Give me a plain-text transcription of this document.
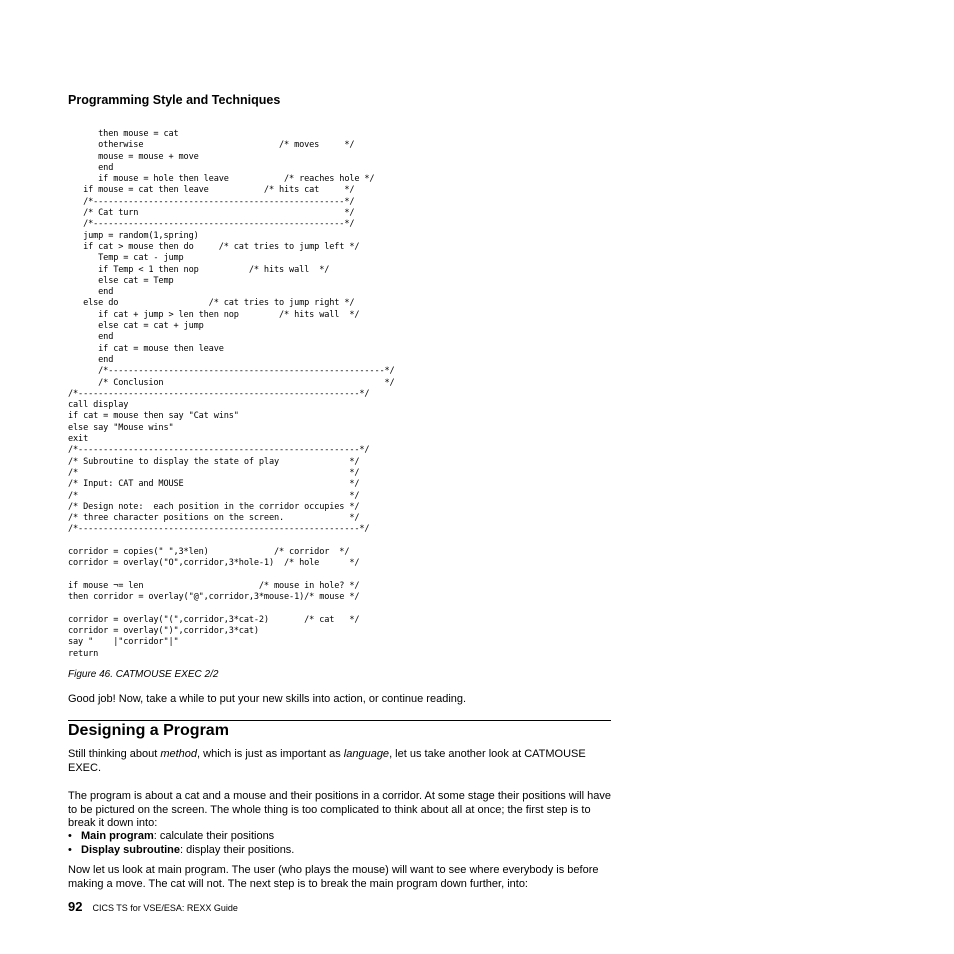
Programming Style and Techniques
then mouse = cat
otherwise                           /* moves     */
mouse = mouse + move
end
if mouse = hole then leave           /* reaches hole */
if mouse = cat then leave           /* hits cat     */
/*--------------------------------------------------*/
/* Cat turn                                         */
/*--------------------------------------------------*/
jump = random(1,spring)
if cat > mouse then do     /* cat tries to jump left */
Temp = cat - jump
if Temp < 1 then nop          /* hits wall  */
else cat = Temp
end
else do                  /* cat tries to jump right */
if cat + jump > len then nop        /* hits wall  */
else cat = cat + jump
end
if cat = mouse then leave
end
/*-------------------------------------------------------*/
/* Conclusion                                            */
/*--------------------------------------------------------*/
call display
if cat = mouse then say "Cat wins"
else say "Mouse wins"
exit
/*--------------------------------------------------------*/
/* Subroutine to display the state of play              */
/*                                                      */
/* Input: CAT and MOUSE                                 */
/*                                                      */
/* Design note:  each position in the corridor occupies */
/* three character positions on the screen.             */
/*--------------------------------------------------------*/
corridor = copies(" ",3*len)             /* corridor  */
corridor = overlay("O",corridor,3*hole-1)  /* hole      */
if mouse ¬= len                       /* mouse in hole? */
then corridor = overlay("@",corridor,3*mouse-1)/* mouse */
corridor = overlay("(",corridor,3*cat-2)       /* cat   */
corridor = overlay(")",corridor,3*cat)
say "    |"corridor"|"
return

Figure 46. CATMOUSE EXEC 2/2

Good job! Now, take a while to put your new skills into action, or continue reading.

Designing a Program

Still thinking about method, which is just as important as language, let us take another look at CATMOUSE EXEC.

The program is about a cat and a mouse and their positions in a corridor. At some stage their positions will have to be pictured on the screen. The whole thing is too complicated to think about all at once; the first step is to break it down into:

• Main program: calculate their positions
• Display subroutine: display their positions.

Now let us look at main program. The user (who plays the mouse) will want to see where everybody is before making a move. The cat will not. The next step is to break the main program down further, into:

92 CICS TS for VSE/ESA: REXX Guide
